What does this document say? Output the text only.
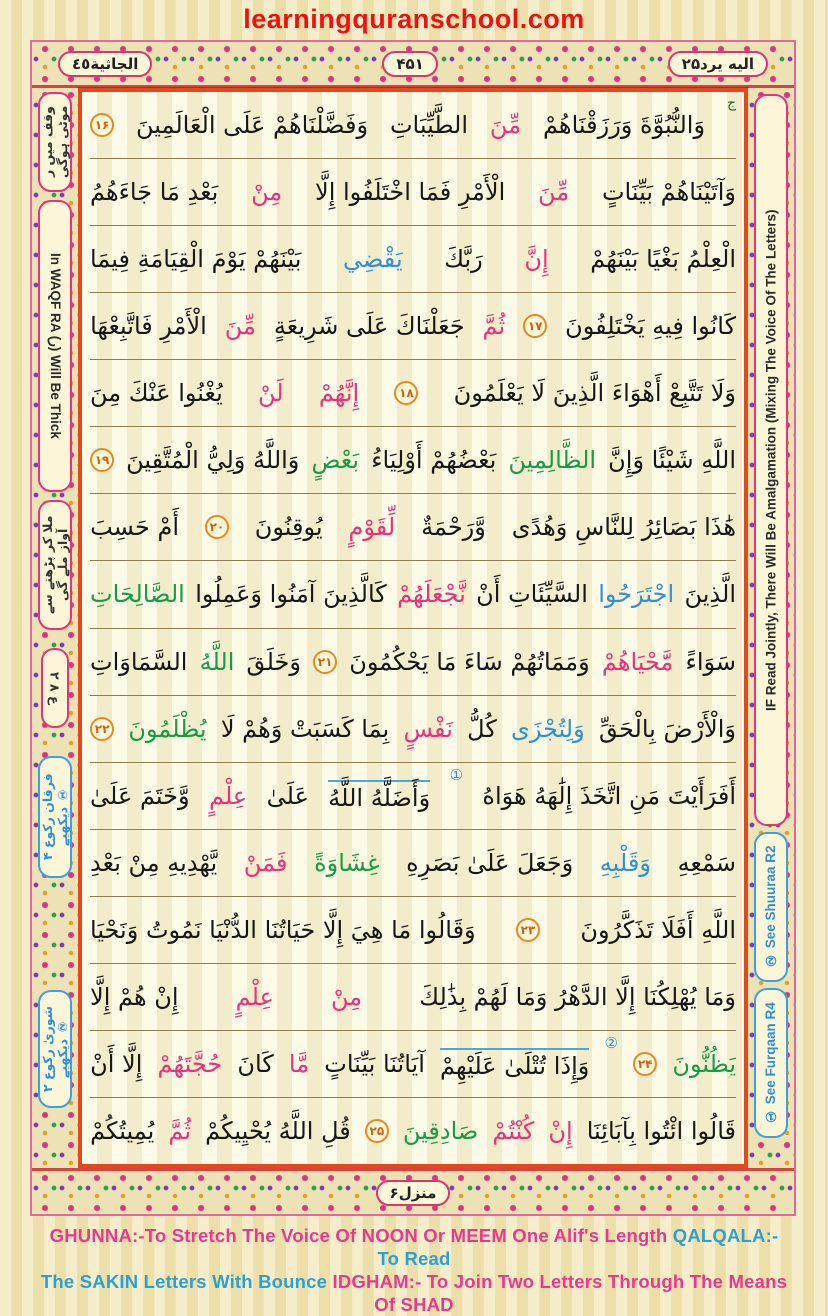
learningquranschool.com
الجاثية٤٥	۴۵۱	اليه يرد۲۵
وقف میں ر موٹی ہوگی
In WAQF RA (ر) Will Be Thick
ملا کر پڑھنے سے آواز ملے گی
۲ ع ۸
فرقان رکوع ۴ دیکھیے ①
شوریٰ رکوع ۲ دیکھیے ②
ج
وَالنُّبُوَّةَ وَرَزَقْنَاهُمْ
مِّنَ
الطَّيِّبَاتِ
وَفَضَّلْنَاهُمْ عَلَى الْعَالَمِينَ
۱۶
وَآتَيْنَاهُمْ بَيِّنَاتٍ
مِّنَ
الْأَمْرِ فَمَا اخْتَلَفُوا إِلَّا
مِنْ
بَعْدِ مَا جَاءَهُمُ
الْعِلْمُ بَغْيًا بَيْنَهُمْ
إِنَّ
رَبَّكَ
يَقْضِي
بَيْنَهُمْ يَوْمَ الْقِيَامَةِ فِيمَا
كَانُوا فِيهِ يَخْتَلِفُونَ
۱۷
ثُمَّ
جَعَلْنَاكَ عَلَى شَرِيعَةٍ
مِّنَ
الْأَمْرِ فَاتَّبِعْهَا
وَلَا تَتَّبِعْ أَهْوَاءَ الَّذِينَ لَا يَعْلَمُونَ
۱۸
إِنَّهُمْ
لَنْ
يُغْنُوا عَنْكَ مِنَ
اللَّهِ شَيْئًا وَإِنَّ
الظَّالِمِينَ
بَعْضُهُمْ أَوْلِيَاءُ
بَعْضٍ
وَاللَّهُ وَلِيُّ الْمُتَّقِينَ
۱۹
هَٰذَا بَصَائِرُ لِلنَّاسِ وَهُدًى
وَّرَحْمَةٌ
لِّقَوْمٍ
يُوقِنُونَ
۲۰
أَمْ حَسِبَ
الَّذِينَ
اجْتَرَحُوا
السَّيِّئَاتِ أَنْ
نَّجْعَلَهُمْ
كَالَّذِينَ آمَنُوا وَعَمِلُوا
الصَّالِحَاتِ
سَوَاءً
مَّحْيَاهُمْ
وَمَمَاتُهُمْ سَاءَ مَا يَحْكُمُونَ
۲۱
وَخَلَقَ
اللَّهُ
السَّمَاوَاتِ
وَالْأَرْضَ بِالْحَقِّ
وَلِتُجْزَى
كُلُّ
نَفْسٍ
بِمَا كَسَبَتْ وَهُمْ لَا
يُظْلَمُونَ
۲۲
أَفَرَأَيْتَ مَنِ اتَّخَذَ إِلَٰهَهُ هَوَاهُ
①
وَأَضَلَّهُ اللَّهُ
عَلَىٰ
عِلْمٍ
وَّخَتَمَ عَلَىٰ
سَمْعِهِ
وَقَلْبِهِ
وَجَعَلَ عَلَىٰ بَصَرِهِ
غِشَاوَةً
فَمَنْ
يَّهْدِيهِ مِنْ بَعْدِ
اللَّهِ أَفَلَا تَذَكَّرُونَ
۲۳
وَقَالُوا مَا هِيَ إِلَّا حَيَاتُنَا الدُّنْيَا نَمُوتُ وَنَحْيَا
وَمَا يُهْلِكُنَا إِلَّا الدَّهْرُ وَمَا لَهُمْ بِذَٰلِكَ
مِنْ
عِلْمٍ
إِنْ هُمْ إِلَّا
يَظُنُّونَ
۲۴
②
وَإِذَا تُتْلَىٰ عَلَيْهِمْ
آيَاتُنَا بَيِّنَاتٍ
مَّا
كَانَ
حُجَّتَهُمْ
إِلَّا أَنْ
قَالُوا ائْتُوا بِآبَائِنَا
إِنْ
كُنْتُمْ
صَادِقِينَ
۲۵
قُلِ اللَّهُ يُحْيِيكُمْ
ثُمَّ
يُمِيتُكُمْ
IF Read Jointly, There Will Be Amalgamation (Mixing The Voice Of The Letters)
② See Shuuraa R2
① See Furqaan R4
منزل۶
GHUNNA:-To Stretch The Voice Of NOON Or MEEM One Alif's Length QALQALA:- To Read
The SAKIN Letters With Bounce IDGHAM:- To Join Two Letters Through The Means Of SHAD
